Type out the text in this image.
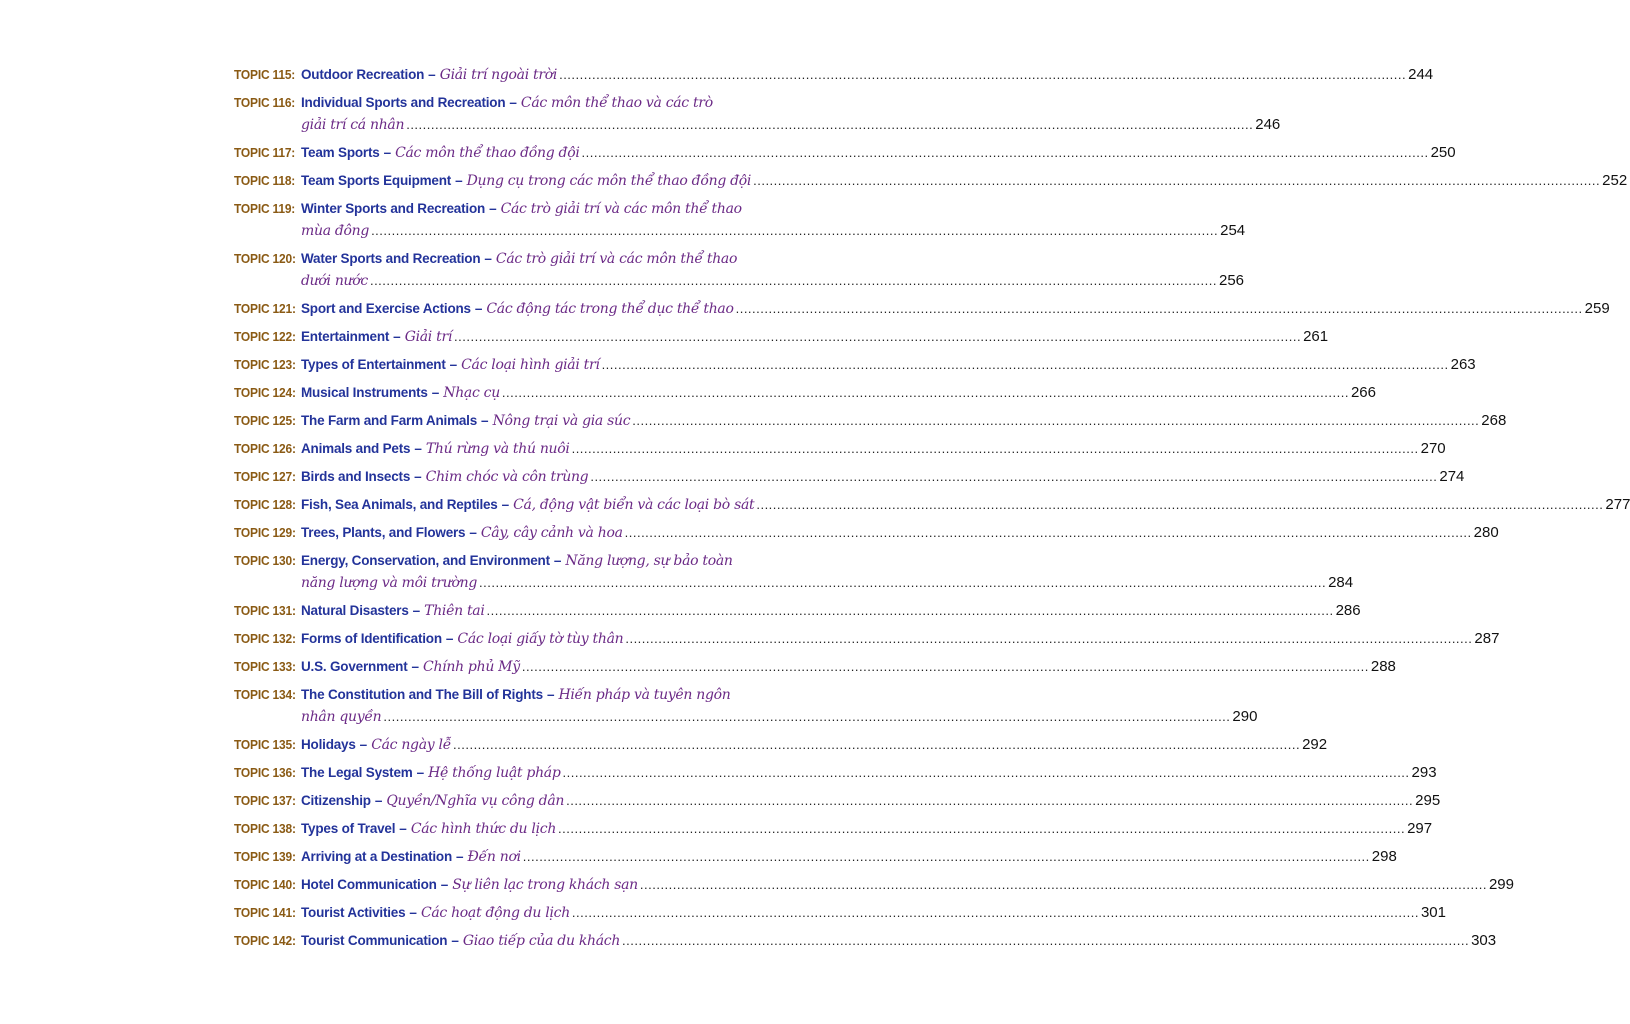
TOPIC 115: Outdoor Recreation – Giải trí ngoài trời .....	244
TOPIC 116: Individual Sports and Recreation – Các môn thể thao và các trò
giải trí cá nhân .....	246
TOPIC 117: Team Sports – Các môn thể thao đồng đội .....	250
TOPIC 118: Team Sports Equipment – Dụng cụ trong các môn thể thao đồng đội .....	252
TOPIC 119: Winter Sports and Recreation – Các trò giải trí và các môn thể thao
mùa đông .....	254
TOPIC 120: Water Sports and Recreation – Các trò giải trí và các môn thể thao
dưới nước .....	256
TOPIC 121: Sport and Exercise Actions – Các động tác trong thể dục thể thao .....	259
TOPIC 122: Entertainment – Giải trí .....	261
TOPIC 123: Types of Entertainment – Các loại hình giải trí .....	263
TOPIC 124: Musical Instruments – Nhạc cụ .....	266
TOPIC 125: The Farm and Farm Animals – Nông trại và gia súc .....	268
TOPIC 126: Animals and Pets – Thú rừng và thú nuôi .....	270
TOPIC 127: Birds and Insects – Chim chóc và côn trùng .....	274
TOPIC 128: Fish, Sea Animals, and Reptiles – Cá, động vật biển và các loại bò sát .....	277
TOPIC 129: Trees, Plants, and Flowers – Cây, cây cảnh và hoa .....	280
TOPIC 130: Energy, Conservation, and Environment – Năng lượng, sự bảo toàn
năng lượng và môi trường .....	284
TOPIC 131: Natural Disasters – Thiên tai .....	286
TOPIC 132: Forms of Identification – Các loại giấy tờ tùy thân .....	287
TOPIC 133: U.S. Government – Chính phủ Mỹ .....	288
TOPIC 134: The Constitution and The Bill of Rights – Hiến pháp và tuyên ngôn
nhân quyền .....	290
TOPIC 135: Holidays – Các ngày lễ .....	292
TOPIC 136: The Legal System – Hệ thống luật pháp .....	293
TOPIC 137: Citizenship – Quyền/Nghĩa vụ công dân .....	295
TOPIC 138: Types of Travel – Các hình thức du lịch .....	297
TOPIC 139: Arriving at a Destination – Đến nơi .....	298
TOPIC 140: Hotel Communication – Sự liên lạc trong khách sạn .....	299
TOPIC 141: Tourist Activities – Các hoạt động du lịch .....	301
TOPIC 142: Tourist Communication – Giao tiếp của du khách .....	303
